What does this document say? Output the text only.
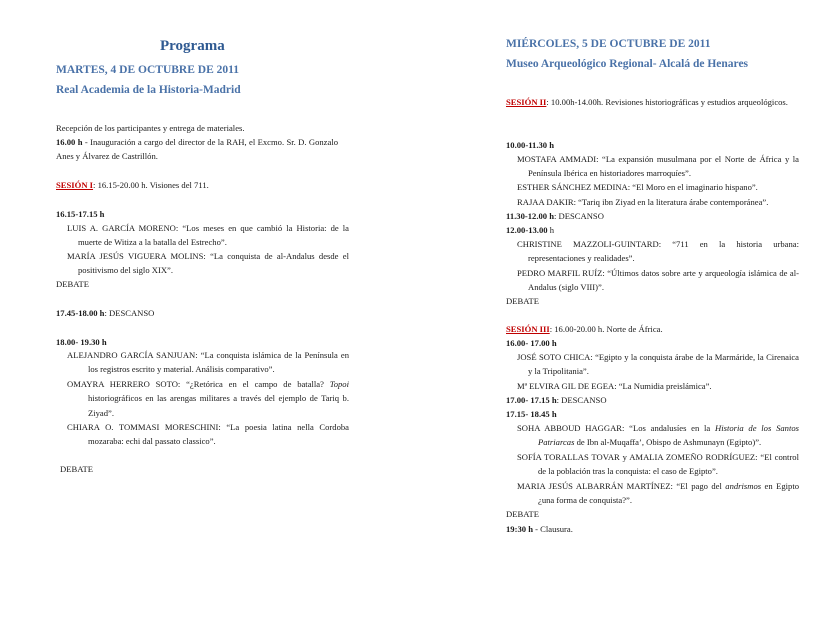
Programa
MARTES, 4 DE OCTUBRE DE 2011
Real Academia de la Historia-Madrid
Recepción de los participantes y entrega de materiales.
16.00 h - Inauguración a cargo del director de la RAH, el Excmo. Sr. D. Gonzalo Anes y Álvarez de Castrillón.
SESIÓN I: 16.15-20.00 h. Visiones del 711.
16.15-17.15 h
LUIS A. GARCÍA MORENO: “Los meses en que cambió la Historia: de la muerte de Witiza a la batalla del Estrecho”.
MARÍA JESÚS VIGUERA MOLINS: “La conquista de al-Andalus desde el positivismo del siglo XIX”.
DEBATE
17.45-18.00 h: DESCANSO
18.00- 19.30 h
ALEJANDRO GARCÍA SANJUAN: “La conquista islámica de la Península en los registros escrito y material. Análisis comparativo”.
OMAYRA HERRERO SOTO: “¿Retórica en el campo de batalla? Topoi historiográficos en las arengas militares a través del ejemplo de Tariq b. Ziyad”.
CHIARA O. TOMMASI MORESCHINI: “La poesia latina nella Cordoba mozaraba: echi dal passato classico”.
DEBATE
MIÉRCOLES, 5 DE OCTUBRE DE 2011
Museo Arqueológico Regional- Alcalá de Henares
SESIÓN II: 10.00h-14.00h. Revisiones historiográficas y estudios arqueológicos.
10.00-11.30 h
MOSTAFA AMMADI: “La expansión musulmana por el Norte de África y la Península Ibérica en historiadores marroquíes”.
ESTHER SÁNCHEZ MEDINA: “El Moro en el imaginario hispano”.
RAJAA DAKIR: “Tariq ibn Ziyad en la literatura árabe contemporánea”.
11.30-12.00 h: DESCANSO
12.00-13.00 h
CHRISTINE MAZZOLI-GUINTARD: “711 en la historia urbana: representaciones y realidades”.
PEDRO MARFIL RUÍZ: “Últimos datos sobre arte y arqueología islámica de al-Andalus (siglo VIII)”.
DEBATE
SESIÓN III: 16.00-20.00 h. Norte de África.
16.00- 17.00 h
JOSÉ SOTO CHICA: “Egipto y la conquista árabe de la Marmáride, la Cirenaica y la Tripolitania”.
Mª ELVIRA GIL DE EGEA: “La Numidia preislámica”.
17.00- 17.15 h: DESCANSO
17.15- 18.45 h
SOHA ABBOUD HAGGAR: “Los andalusíes en la Historia de los Santos Patriarcas de Ibn al-Muqaffa’, Obispo de Ashmunayn (Egipto)”.
SOFÍA TORALLAS TOVAR y AMALIA ZOMEÑO RODRÍGUEZ: “El control de la población tras la conquista: el caso de Egipto”.
MARIA JESÚS ALBARRÁN MARTÍNEZ: “El pago del andrismos en Egipto ¿una forma de conquista?”.
DEBATE
19:30 h - Clausura.
